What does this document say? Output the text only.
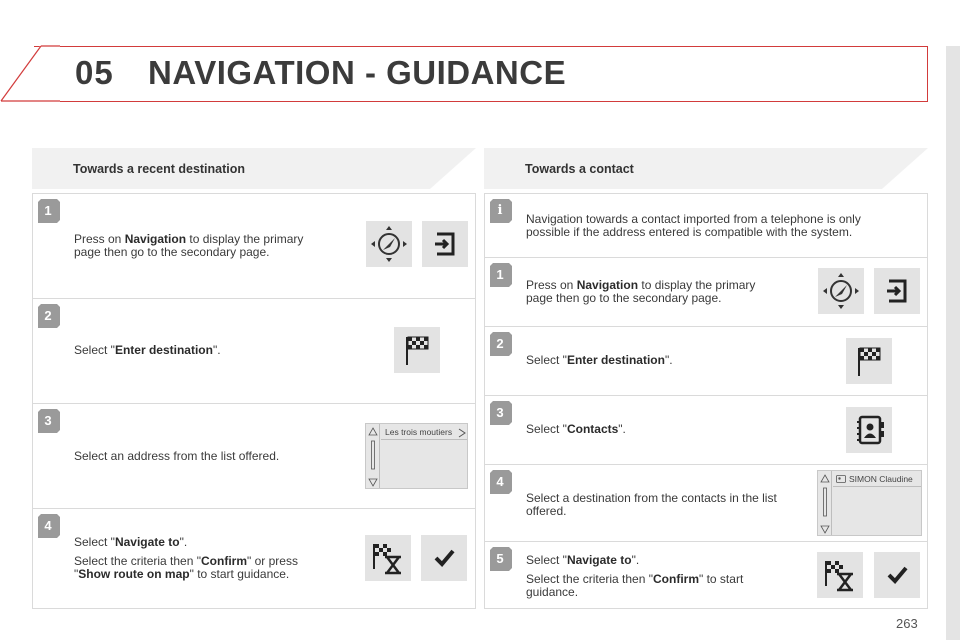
05 NAVIGATION - GUIDANCE
Towards a recent destination
1
Press on Navigation to display the primary page then go to the secondary page.
2
Select "Enter destination".
3
Select an address from the list offered.
Les trois moutiers
4

Select "Navigate to".

Select the criteria then "Confirm" or press "Show route on map" to start guidance.

Towards a contact
i
Navigation towards a contact imported from a telephone is only possible if the address entered is compatible with the system.
1
Press on Navigation to display the primary page then go to the secondary page.
2
Select "Enter destination".
3
Select "Contacts".
4
Select a destination from the contacts in the list offered.
SIMON Claudine
5	Select "Navigate to".

Select the criteria then "Confirm" to start guidance.

263
